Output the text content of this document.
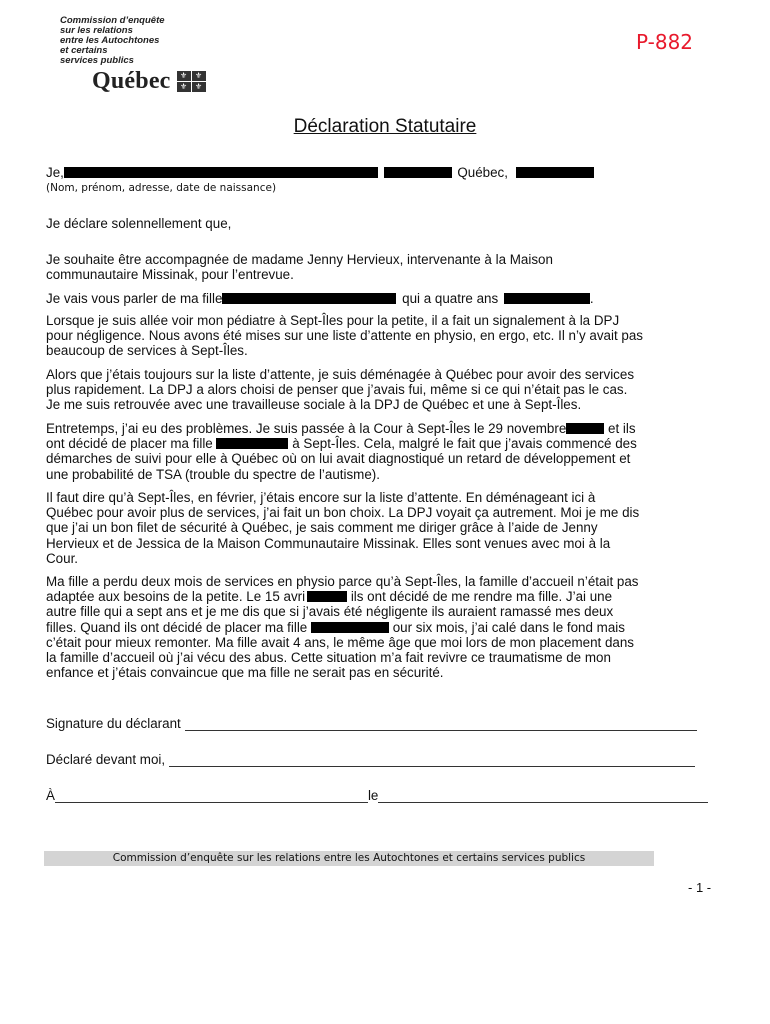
Commission d’enquête
sur les relations
entre les Autochtones
et certains
services publics
Québec	⚜ ⚜
⚜ ⚜
P-882
Déclaration Statutaire
Je,	Québec,
(Nom, prénom, adresse, date de naissance)
Je déclare solennellement que,
Je souhaite être accompagnée de madame Jenny Hervieux, intervenante à la Maison
communautaire Missinak, pour l’entrevue.
Je vais vous parler de ma fille	qui a quatre ans	.
Lorsque je suis allée voir mon pédiatre à Sept-Îles pour la petite, il a fait un signalement à la DPJ
pour négligence. Nous avons été mises sur une liste d’attente en physio, en ergo, etc. Il n’y avait pas
beaucoup de services à Sept-Îles.
Alors que j’étais toujours sur la liste d’attente, je suis déménagée à Québec pour avoir des services
plus rapidement. La DPJ a alors choisi de penser que j’avais fui, même si ce qui n’était pas le cas.
Je me suis retrouvée avec une travailleuse sociale à la DPJ de Québec et une à Sept-Îles.
Entretemps, j’ai eu des problèmes. Je suis passée à la Cour à Sept-Îles le 29 novembre	et ils
ont décidé de placer ma fille	à Sept-Îles. Cela, malgré le fait que j’avais commencé des
démarches de suivi pour elle à Québec où on lui avait diagnostiqué un retard de développement et
une probabilité de TSA (trouble du spectre de l’autisme).
Il faut dire qu’à Sept-Îles, en février, j’étais encore sur la liste d’attente. En déménageant ici à
Québec pour avoir plus de services, j’ai fait un bon choix. La DPJ voyait ça autrement. Moi je me dis
que j’ai un bon filet de sécurité à Québec, je sais comment me diriger grâce à l’aide de Jenny
Hervieux et de Jessica de la Maison Communautaire Missinak. Elles sont venues avec moi à la
Cour.
Ma fille a perdu deux mois de services en physio parce qu’à Sept-Îles, la famille d’accueil n’était pas
adaptée aux besoins de la petite. Le 15 avri	ils ont décidé de me rendre ma fille. J’ai une
autre fille qui a sept ans et je me dis que si j’avais été négligente ils auraient ramassé mes deux
filles. Quand ils ont décidé de placer ma fille	our six mois, j’ai calé dans le fond mais
c’était pour mieux remonter. Ma fille avait 4 ans, le même âge que moi lors de mon placement dans
la famille d’accueil où j’ai vécu des abus. Cette situation m’a fait revivre ce traumatisme de mon
enfance et j’étais convaincue que ma fille ne serait pas en sécurité.
Signature du déclarant
Déclaré devant moi,
À	le
Commission d’enquête sur les relations entre les Autochtones et certains services publics
- 1 -
